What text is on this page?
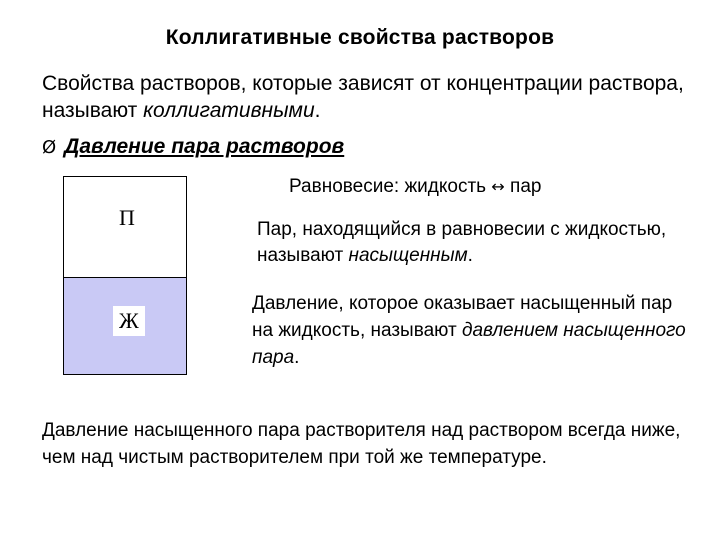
Коллигативные свойства растворов
Свойства растворов, которые зависят от концентрации раствора, называют коллигативными.
Ø Давление пара растворов
П
Ж
Равновесие: жидкость ↔ пар
Пар, находящийся в равновесии с жидкостью, называют насыщенным.
Давление, которое оказывает насыщенный пар на жидкость, называют давлением насыщенного пара.
Давление насыщенного пара растворителя над раствором всегда ниже, чем над чистым растворителем при той же температуре.
